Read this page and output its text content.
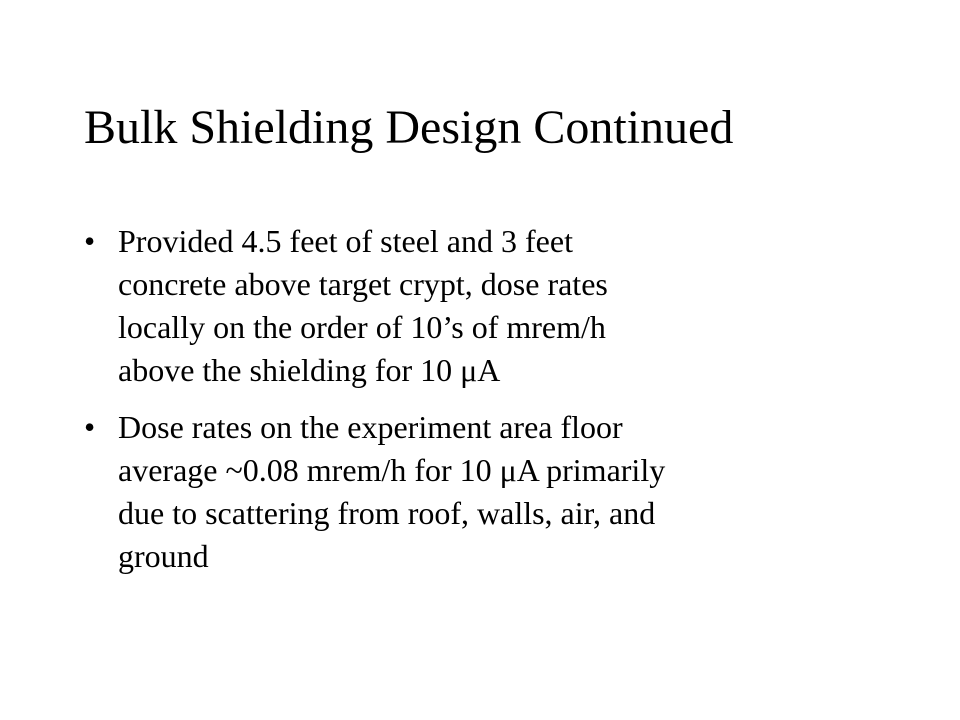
Bulk Shielding Design Continued
• Provided 4.5 feet of steel and 3 feet
concrete above target crypt, dose rates
locally on the order of 10’s of mrem/h
above the shielding for 10 μA
• Dose rates on the experiment area floor
average ~0.08 mrem/h for 10 μA primarily
due to scattering from roof, walls, air, and
ground
